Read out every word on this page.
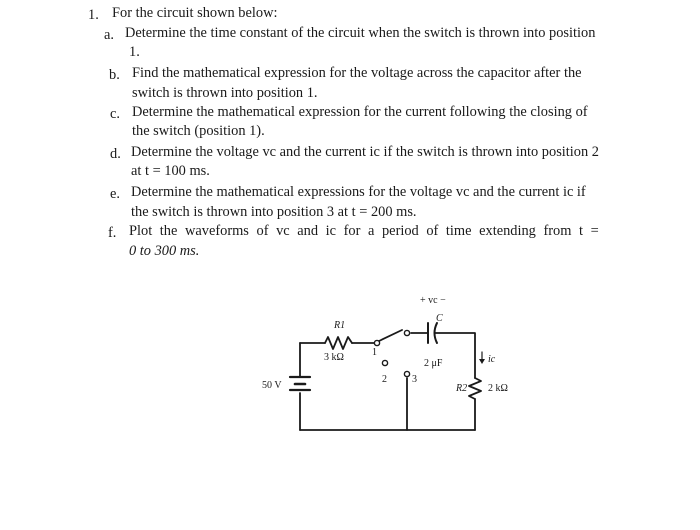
1. For the circuit shown below:
a. Determine the time constant of the circuit when the switch is thrown into position
1.
b. Find the mathematical expression for the voltage across the capacitor after the
switch is thrown into position 1.
c. Determine the mathematical expression for the current following the closing of
the switch (position 1).
d. Determine the voltage vc and the current ic if the switch is thrown into position 2
at t = 100 ms.
e. Determine the mathematical expressions for the voltage vc and the current ic if
the switch is thrown into position 3 at t = 200 ms.
f. Plot the waveforms of vc and ic for a period of time extending from t =
0 to 300 ms.
+ vc −
C
R1
3 kΩ	1
2	3
2 μF	ic
R2 2 kΩ
50 V
